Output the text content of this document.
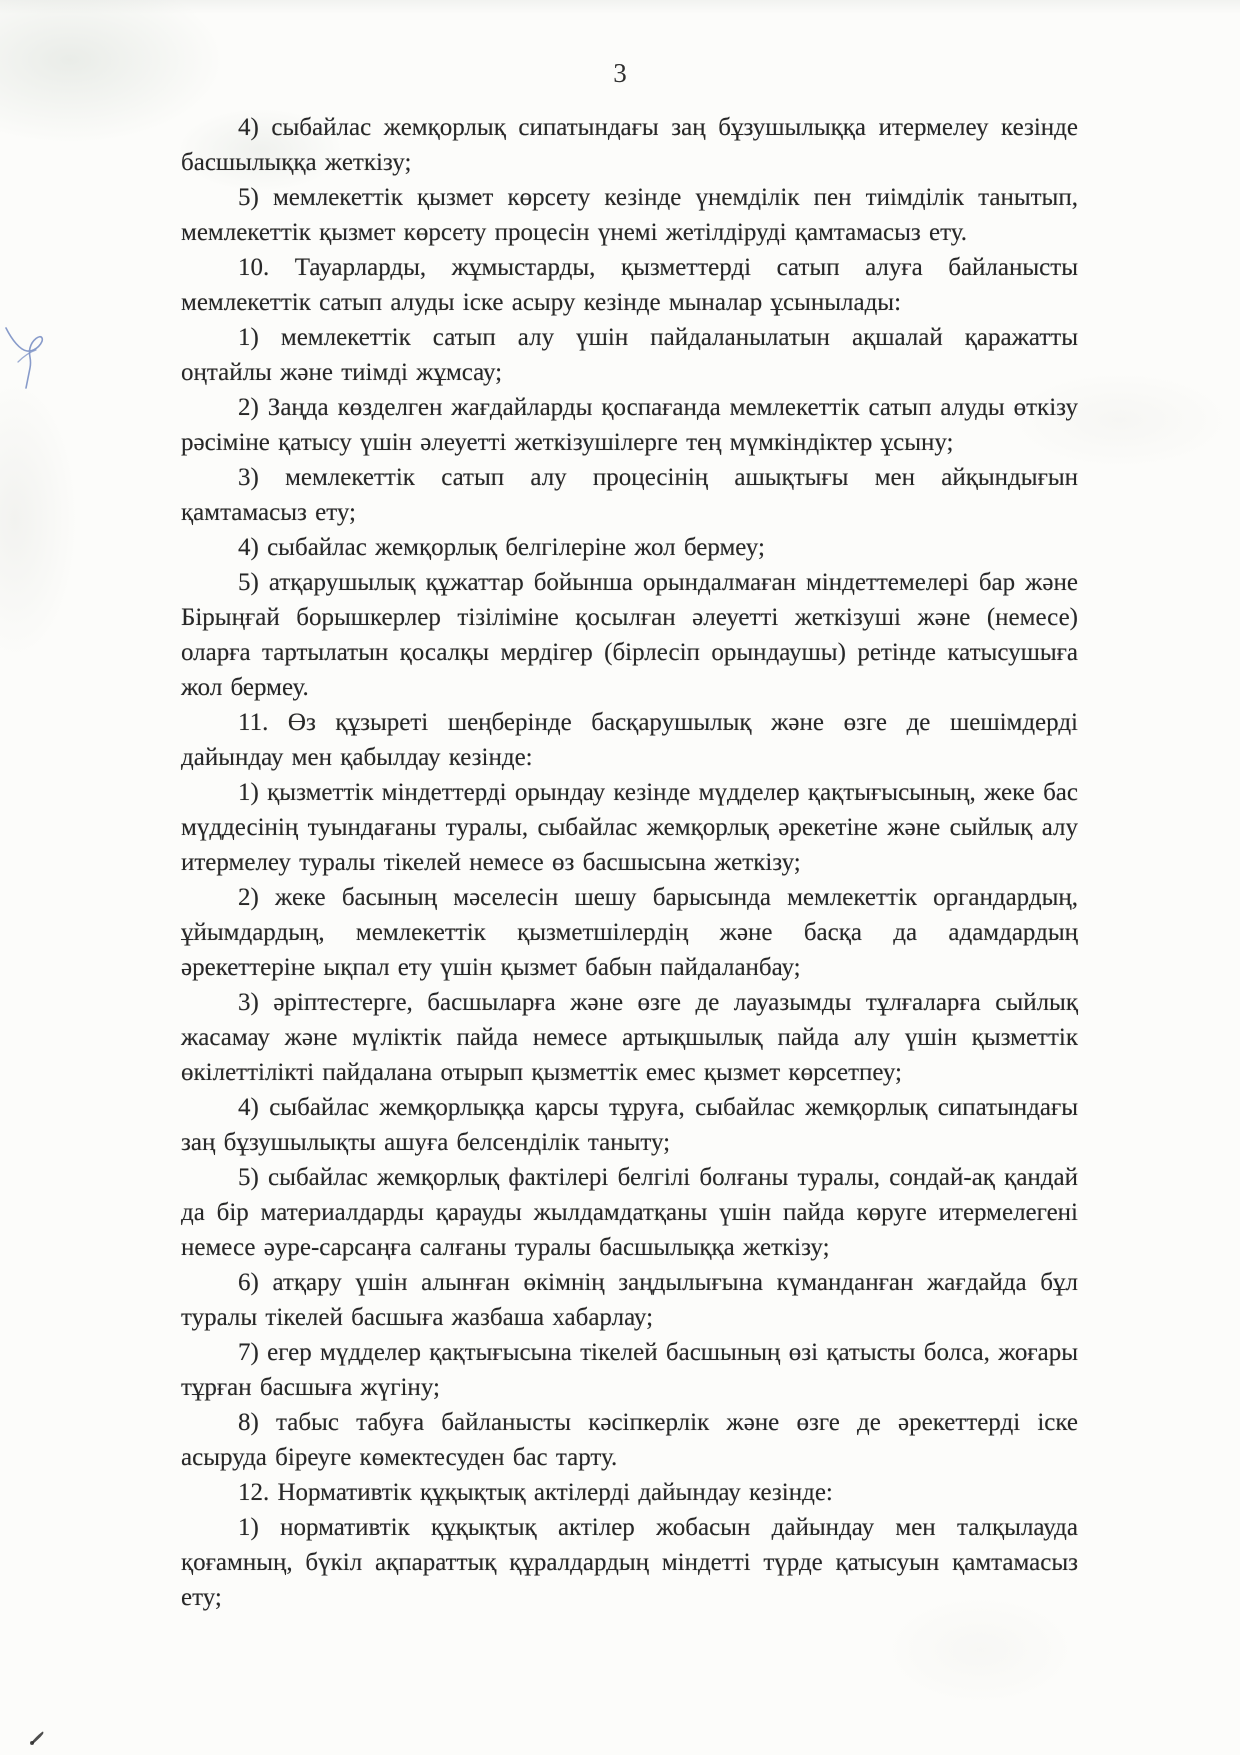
3

4) сыбайлас жемқорлық сипатындағы заң бұзушылыққа итермелеу кезінде басшылыққа жеткізу;

5) мемлекеттік қызмет көрсету кезінде үнемділік пен тиімділік танытып, мемлекеттік қызмет көрсету процесін үнемі жетілдіруді қамтамасыз ету.

10. Тауарларды, жұмыстарды, қызметтерді сатып алуға байланысты мемлекеттік сатып алуды іске асыру кезінде мыналар ұсынылады:

1) мемлекеттік сатып алу үшін пайдаланылатын ақшалай қаражатты оңтайлы және тиімді жұмсау;

2) Заңда көзделген жағдайларды қоспағанда мемлекеттік сатып алуды өткізу рәсіміне қатысу үшін әлеуетті жеткізушілерге тең мүмкіндіктер ұсыну;

3) мемлекеттік сатып алу процесінің ашықтығы мен айқындығын қамтамасыз ету;

4) сыбайлас жемқорлық белгілеріне жол бермеу;

5) атқарушылық құжаттар бойынша орындалмаған міндеттемелері бар және Бірыңғай борышкерлер тізіліміне қосылған әлеуетті жеткізуші және (немесе) оларға тартылатын қосалқы мердігер (бірлесіп орындаушы) ретінде катысушыға жол бермеу.

11. Өз құзыреті шеңберінде басқарушылық және өзге де шешімдерді дайындау мен қабылдау кезінде:

1) қызметтік міндеттерді орындау кезінде мүдделер қақтығысының, жеке бас мүддесінің туындағаны туралы, сыбайлас жемқорлық әрекетіне және сыйлық алу итермелеу туралы тікелей немесе өз басшысына жеткізу;

2) жеке басының мәселесін шешу барысында мемлекеттік органдардың, ұйымдардың, мемлекеттік қызметшілердің және басқа да адамдардың әрекеттеріне ықпал ету үшін қызмет бабын пайдаланбау;

3) әріптестерге, басшыларға және өзге де лауазымды тұлғаларға сыйлық жасамау және мүліктік пайда немесе артықшылық пайда алу үшін қызметтік өкілеттілікті пайдалана отырып қызметтік емес қызмет көрсетпеу;

4) сыбайлас жемқорлыққа қарсы тұруға, сыбайлас жемқорлық сипатындағы заң бұзушылықты ашуға белсенділік таныту;

5) сыбайлас жемқорлық фактілері белгілі болғаны туралы, сондай-ақ қандай да бір материалдарды қарауды жылдамдатқаны үшін пайда көруге итермелегені немесе әуре-сарсаңға салғаны туралы басшылыққа жеткізу;

6) атқару үшін алынған өкімнің заңдылығына күманданған жағдайда бұл туралы тікелей басшыға жазбаша хабарлау;

7) егер мүдделер қақтығысына тікелей басшының өзі қатысты болса, жоғары тұрған басшыға жүгіну;

8) табыс табуға байланысты кәсіпкерлік және өзге де әрекеттерді іске асыруда біреуге көмектесуден бас тарту.

12. Нормативтік құқықтық актілерді дайындау кезінде:

1) нормативтік құқықтық актілер жобасын дайындау мен талқылауда қоғамның, бүкіл ақпараттық құралдардың міндетті түрде қатысуын қамтамасыз ету;
